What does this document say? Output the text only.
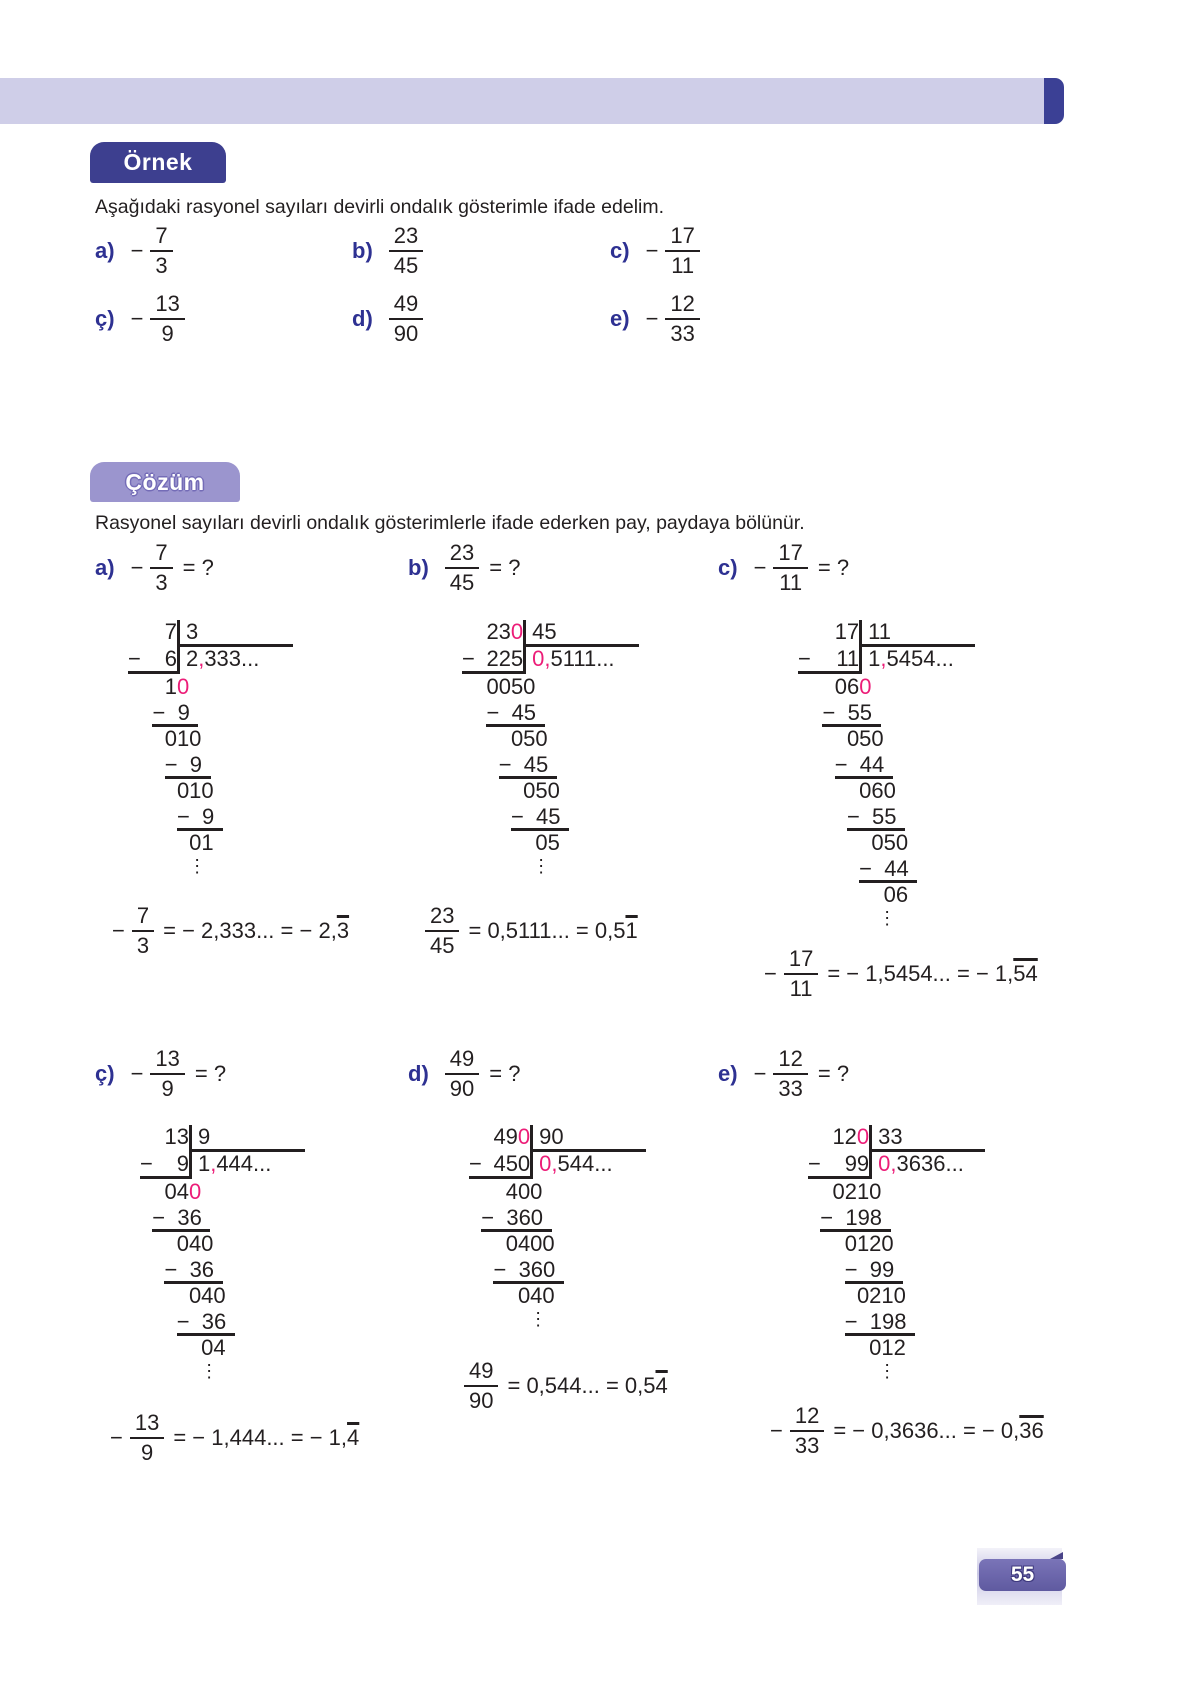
Örnek
Aşağıdaki rasyonel sayıları devirli ondalık gösterimle ifade edelim.
$a) - \frac{7}{3}$	$b) \frac{23}{45}$	$c) - \frac{17}{11}$
ç) − $\frac{13}{9}$	$d) \frac{49}{90}$	$e) - \frac{12}{33}$
Çözüm
Rasyonel sayıları devirli ondalık gösterimlerle ifade ederken pay, paydaya bölünür.
$a) - \frac{7}{3}$ = ?
7 3
− 6 2,333...
10
− 9
010
− 9
010
− 9
01
⋮
− $\frac{7}{3}$ = − 2,333... = − 2, 3
$b) \frac{23}{45}$ = ?
23 0 45
− 225 0,5111...
0050
− 45
050
− 45
050
− 45
05
⋮
$\frac{23}{45} = 0,5111$... = 0,5 1
$c) - \frac{17}{11}$ = ?
17 11
− 11 1,5454...
060
− 55
050
− 44
060
− 55
050
− 44
06
⋮
− $\frac{17}{11}$ = − 1,5454... = − 1, 54
ç) − $\frac{13}{9}$ = ?
13 9
− 9 1,444...
040
− 36
040
− 36
040
− 36
04
⋮
− $\frac{13}{9}$ = − 1,444... = − 1, 4
$d) \frac{49}{90}$ = ?
49 0 90
− 450 0,544...
400
− 360
0400
− 360
040
⋮
$\frac{49}{90} = 0,544$... = 0,5 4
$e) - \frac{12}{33}$ = ?
12 0 33
− 99 0,3636...
0210
− 198
0120
− 99
0210
− 198
012
⋮
− $\frac{12}{33}$ = − 0,3636... = − 0, 36
55
